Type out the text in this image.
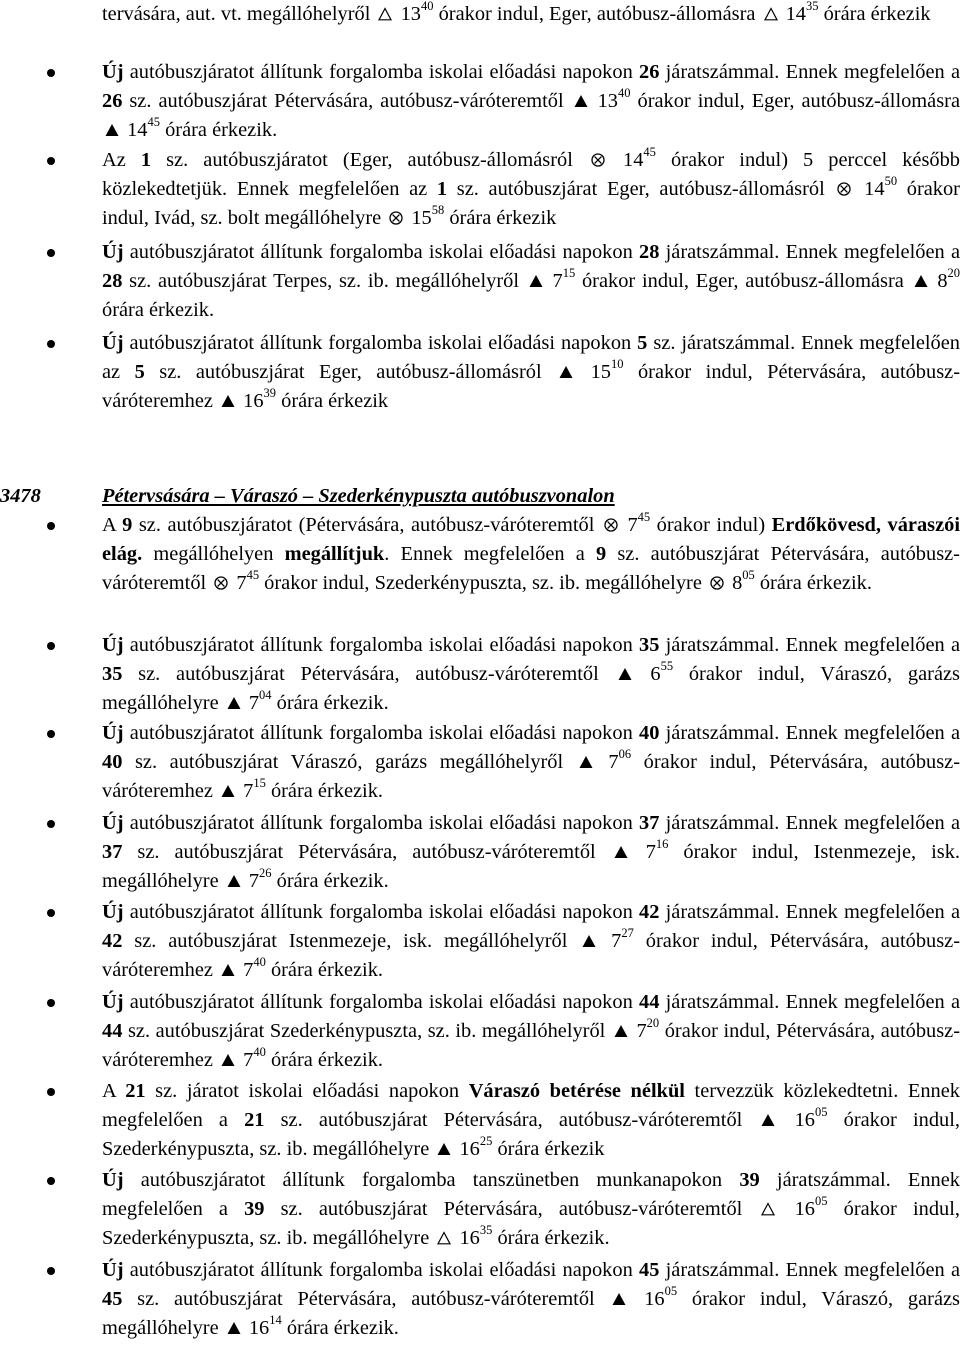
tervására, aut. vt. megállóhelyről  $13^{40}$ órakor indul, Eger, autóbusz-állomásra  $14^{35}$ órára érkezik

Új autóbuszjáratot állítunk forgalomba iskolai előadási napokon 26 járatszámmal. Ennek megfelelően a 26 sz. autóbuszjárat Pétervására, autóbusz-váróteremtől  $13^{40}$ órakor indul, Eger, autóbusz-állomásra  $14^{45}$ órára érkezik.
Az 1 sz. autóbuszjáratot (Eger, autóbusz-állomásról  $14^{45}$ órakor indul) 5 perccel később közlekedtetjük. Ennek megfelelően az 1 sz. autóbuszjárat Eger, autóbusz-állomásról  $14^{50}$ órakor indul, Ivád, sz. bolt megállóhelyre  $15^{58}$ órára érkezik
Új autóbuszjáratot állítunk forgalomba iskolai előadási napokon 28 járatszámmal. Ennek megfelelően a 28 sz. autóbuszjárat Terpes, sz. ib. megállóhelyről  $7^{15}$ órakor indul, Eger, autóbusz-állomásra  $8^{20}$ órára érkezik.
Új autóbuszjáratot állítunk forgalomba iskolai előadási napokon 5 sz. járatszámmal. Ennek megfelelően az 5 sz. autóbuszjárat Eger, autóbusz-állomásról  $15^{10}$ órakor indul, Pétervására, autóbusz-váróteremhez  $16^{39}$ órára érkezik
3478	Pétervsására – Váraszó – Szederkénypuszta autóbuszvonalon
A 9 sz. autóbuszjáratot (Pétervására, autóbusz-váróteremtől  $7^{45}$ órakor indul) Erdőkövesd, váraszói elág. megállóhelyen megállítjuk. Ennek megfelelően a 9 sz. autóbuszjárat Pétervására, autóbusz-váróteremtől  $7^{45}$ órakor indul, Szederkénypuszta, sz. ib. megállóhelyre  $8^{05}$ órára érkezik.
Új autóbuszjáratot állítunk forgalomba iskolai előadási napokon 35 járatszámmal. Ennek megfelelően a 35 sz. autóbuszjárat Pétervására, autóbusz-váróteremtől  $6^{55}$ órakor indul, Váraszó, garázs megállóhelyre  $7^{04}$ órára érkezik.
Új autóbuszjáratot állítunk forgalomba iskolai előadási napokon 40 járatszámmal. Ennek megfelelően a 40 sz. autóbuszjárat Váraszó, garázs megállóhelyről  $7^{06}$ órakor indul, Pétervására, autóbusz-váróteremhez  $7^{15}$ órára érkezik.
Új autóbuszjáratot állítunk forgalomba iskolai előadási napokon 37 járatszámmal. Ennek megfelelően a 37 sz. autóbuszjárat Pétervására, autóbusz-váróteremtől  $7^{16}$ órakor indul, Istenmezeje, isk. megállóhelyre  $7^{26}$ órára érkezik.
Új autóbuszjáratot állítunk forgalomba iskolai előadási napokon 42 járatszámmal. Ennek megfelelően a 42 sz. autóbuszjárat Istenmezeje, isk. megállóhelyről  $7^{27}$ órakor indul, Pétervására, autóbusz-váróteremhez  $7^{40}$ órára érkezik.
Új autóbuszjáratot állítunk forgalomba iskolai előadási napokon 44 járatszámmal. Ennek megfelelően a 44 sz. autóbuszjárat Szederkénypuszta, sz. ib. megállóhelyről  $7^{20}$ órakor indul, Pétervására, autóbusz-váróteremhez  $7^{40}$ órára érkezik.
A 21 sz. járatot iskolai előadási napokon Váraszó betérése nélkül tervezzük közlekedtetni. Ennek megfelelően a 21 sz. autóbuszjárat Pétervására, autóbusz-váróteremtől  $16^{05}$ órakor indul, Szederkénypuszta, sz. ib. megállóhelyre  $16^{25}$ órára érkezik
Új autóbuszjáratot állítunk forgalomba tanszünetben munkanapokon 39 járatszámmal. Ennek megfelelően a 39 sz. autóbuszjárat Pétervására, autóbusz-váróteremtől  $16^{05}$ órakor indul, Szederkénypuszta, sz. ib. megállóhelyre  $16^{35}$ órára érkezik.
Új autóbuszjáratot állítunk forgalomba iskolai előadási napokon 45 járatszámmal. Ennek megfelelően a 45 sz. autóbuszjárat Pétervására, autóbusz-váróteremtől  $16^{05}$ órakor indul, Váraszó, garázs megállóhelyre  $16^{14}$ órára érkezik.
